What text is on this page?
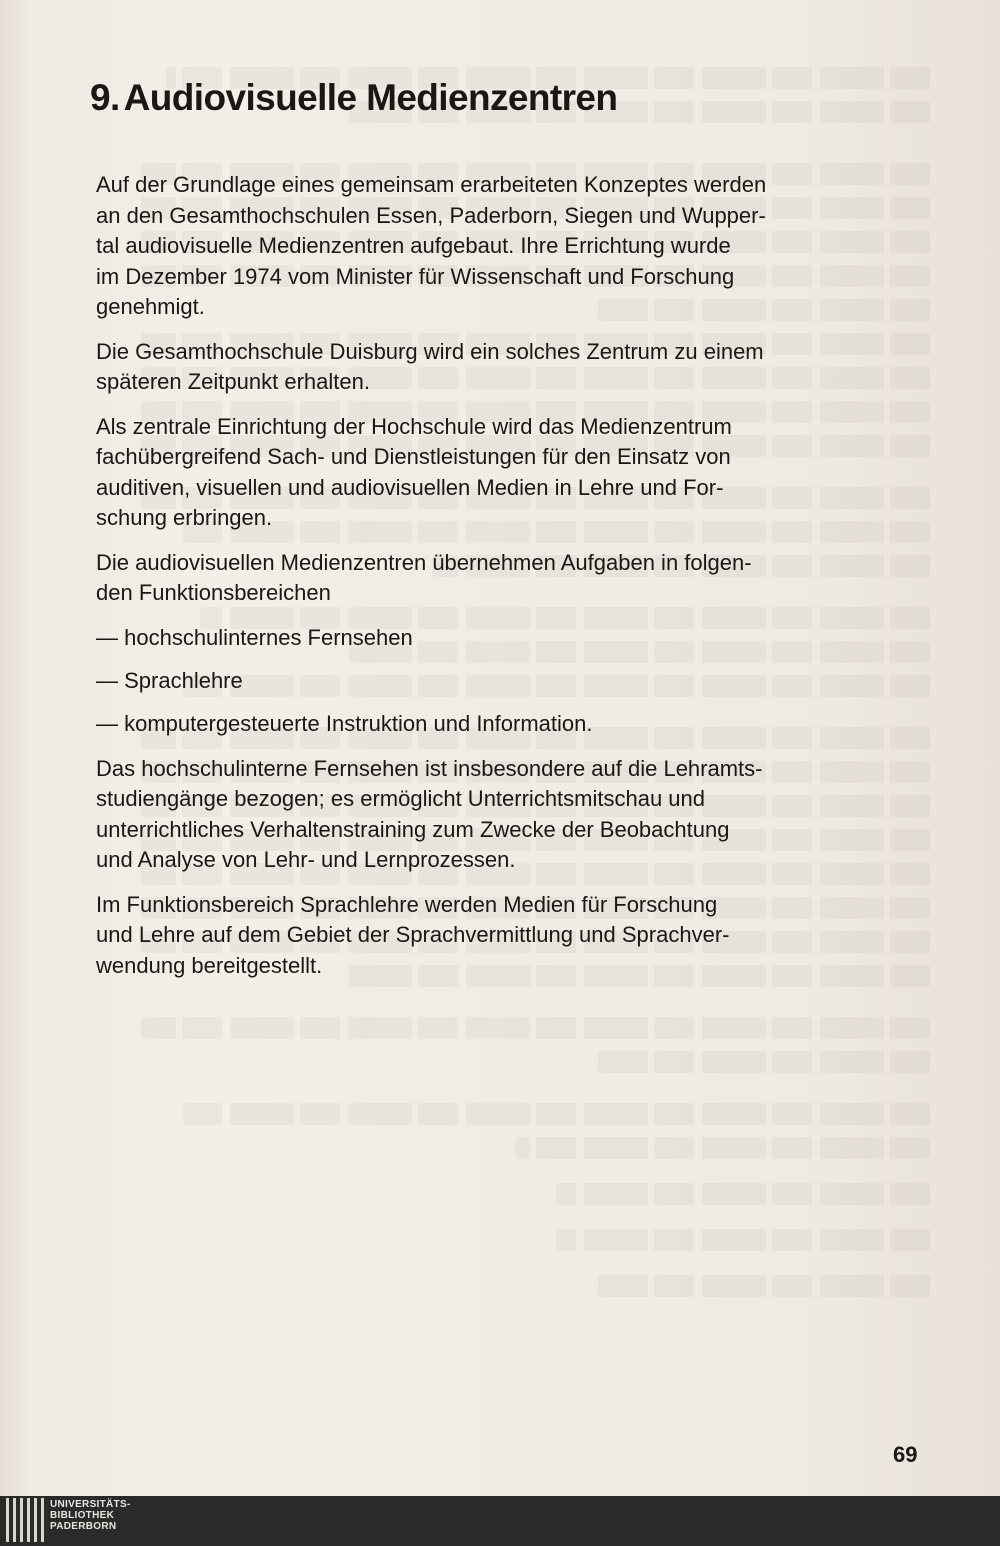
9. Audiovisuelle Medienzentren

Auf der Grundlage eines gemeinsam erarbeiteten Konzeptes werden
an den Gesamthochschulen Essen, Paderborn, Siegen und Wupper-
tal audiovisuelle Medienzentren aufgebaut. Ihre Errichtung wurde
im Dezember 1974 vom Minister für Wissenschaft und Forschung
genehmigt.

Die Gesamthochschule Duisburg wird ein solches Zentrum zu einem
späteren Zeitpunkt erhalten.

Als zentrale Einrichtung der Hochschule wird das Medienzentrum
fachübergreifend Sach- und Dienstleistungen für den Einsatz von
auditiven, visuellen und audiovisuellen Medien in Lehre und For-
schung erbringen.

Die audiovisuellen Medienzentren übernehmen Aufgaben in folgen-
den Funktionsbereichen

— hochschulinternes Fernsehen
— Sprachlehre
— komputergesteuerte Instruktion und Information.

Das hochschulinterne Fernsehen ist insbesondere auf die Lehramts-
studiengänge bezogen; es ermöglicht Unterrichtsmitschau und
unterrichtliches Verhaltenstraining zum Zwecke der Beobachtung
und Analyse von Lehr- und Lernprozessen.

Im Funktionsbereich Sprachlehre werden Medien für Forschung
und Lehre auf dem Gebiet der Sprachvermittlung und Sprachver-
wendung bereitgestellt.

69
UNIVERSITÄTS-
BIBLIOTHEK
PADERBORN
